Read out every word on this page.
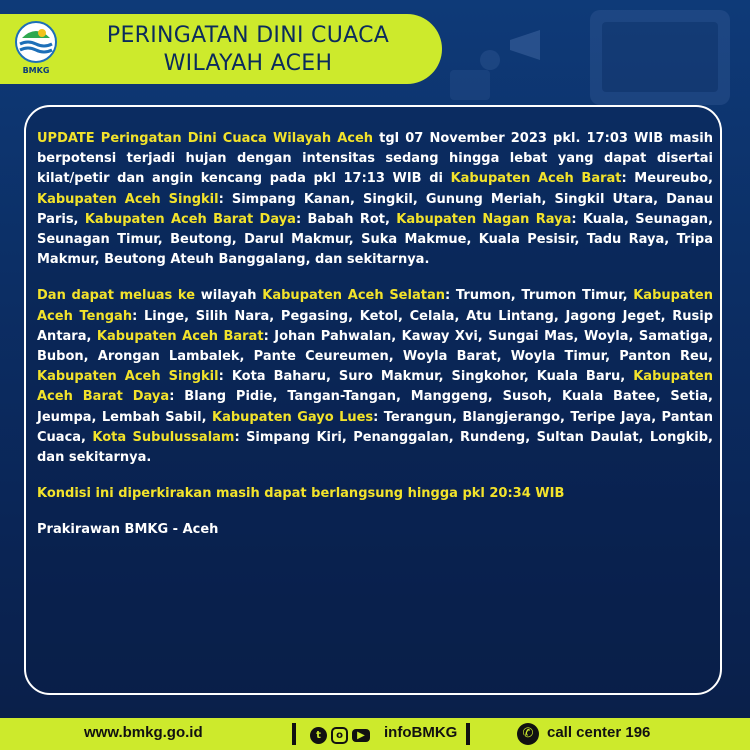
BMKG
PERINGATAN DINI CUACA
WILAYAH ACEH

UPDATE Peringatan Dini Cuaca Wilayah Aceh tgl 07 November 2023 pkl. 17:03 WIB masih berpotensi terjadi hujan dengan intensitas sedang hingga lebat yang dapat disertai kilat/petir dan angin kencang pada pkl 17:13 WIB di Kabupaten Aceh Barat: Meureubo, Kabupaten Aceh Singkil: Simpang Kanan, Singkil, Gunung Meriah, Singkil Utara, Danau Paris, Kabupaten Aceh Barat Daya: Babah Rot, Kabupaten Nagan Raya: Kuala, Seunagan, Seunagan Timur, Beutong, Darul Makmur, Suka Makmue, Kuala Pesisir, Tadu Raya, Tripa Makmur, Beutong Ateuh Banggalang, dan sekitarnya.

Dan dapat meluas ke wilayah Kabupaten Aceh Selatan: Trumon, Trumon Timur, Kabupaten Aceh Tengah: Linge, Silih Nara, Pegasing, Ketol, Celala, Atu Lintang, Jagong Jeget, Rusip Antara, Kabupaten Aceh Barat: Johan Pahwalan, Kaway Xvi, Sungai Mas, Woyla, Samatiga, Bubon, Arongan Lambalek, Pante Ceureumen, Woyla Barat, Woyla Timur, Panton Reu, Kabupaten Aceh Singkil: Kota Baharu, Suro Makmur, Singkohor, Kuala Baru, Kabupaten Aceh Barat Daya: Blang Pidie, Tangan-Tangan, Manggeng, Susoh, Kuala Batee, Setia, Jeumpa, Lembah Sabil, Kabupaten Gayo Lues: Terangun, Blangjerango, Teripe Jaya, Pantan Cuaca, Kota Subulussalam: Simpang Kiri, Penanggalan, Rundeng, Sultan Daulat, Longkib, dan sekitarnya.

Kondisi ini diperkirakan masih dapat berlangsung hingga pkl 20:34 WIB

Prakirawan BMKG - Aceh

www.bmkg.go.id	t o ▶	infoBMKG	✆ call center 196
